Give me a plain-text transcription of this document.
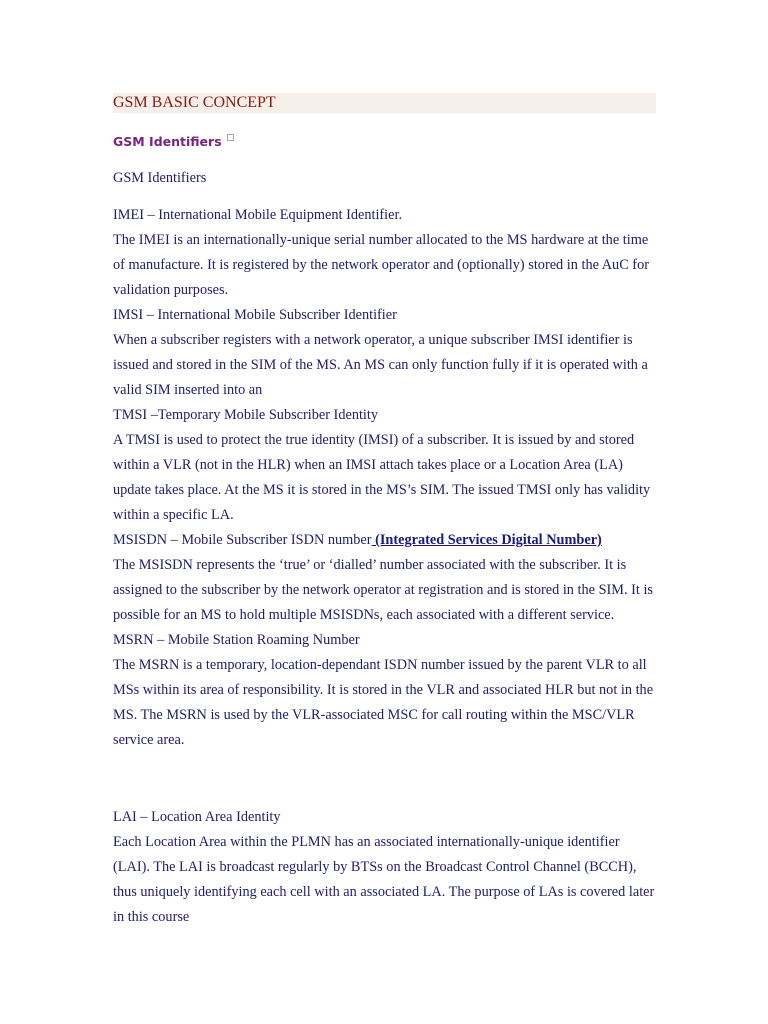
GSM BASIC CONCEPT
GSM Identifiers

GSM Identifiers

IMEI – International Mobile Equipment Identifier.

The IMEI is an internationally-unique serial number allocated to the MS hardware at the time of manufacture. It is registered by the network operator and (optionally) stored in the AuC for validation purposes.

IMSI – International Mobile Subscriber Identifier

When a subscriber registers with a network operator, a unique subscriber IMSI identifier is issued and stored in the SIM of the MS. An MS can only function fully if it is operated with a valid SIM inserted into an

TMSI –Temporary Mobile Subscriber Identity

A TMSI is used to protect the true identity (IMSI) of a subscriber. It is issued by and stored within a VLR (not in the HLR) when an IMSI attach takes place or a Location Area (LA) update takes place. At the MS it is stored in the MS’s SIM. The issued TMSI only has validity within a specific LA.

MSISDN – Mobile Subscriber ISDN number (Integrated Services Digital Number)

The MSISDN represents the ‘true’ or ‘dialled’ number associated with the subscriber. It is assigned to the subscriber by the network operator at registration and is stored in the SIM. It is possible for an MS to hold multiple MSISDNs, each associated with a different service.

MSRN – Mobile Station Roaming Number

The MSRN is a temporary, location-dependant ISDN number issued by the parent VLR to all MSs within its area of responsibility. It is stored in the VLR and associated HLR but not in the MS. The MSRN is used by the VLR-associated MSC for call routing within the MSC/VLR service area.

LAI – Location Area Identity

Each Location Area within the PLMN has an associated internationally-unique identifier (LAI). The LAI is broadcast regularly by BTSs on the Broadcast Control Channel (BCCH), thus uniquely identifying each cell with an associated LA. The purpose of LAs is covered later in this course
